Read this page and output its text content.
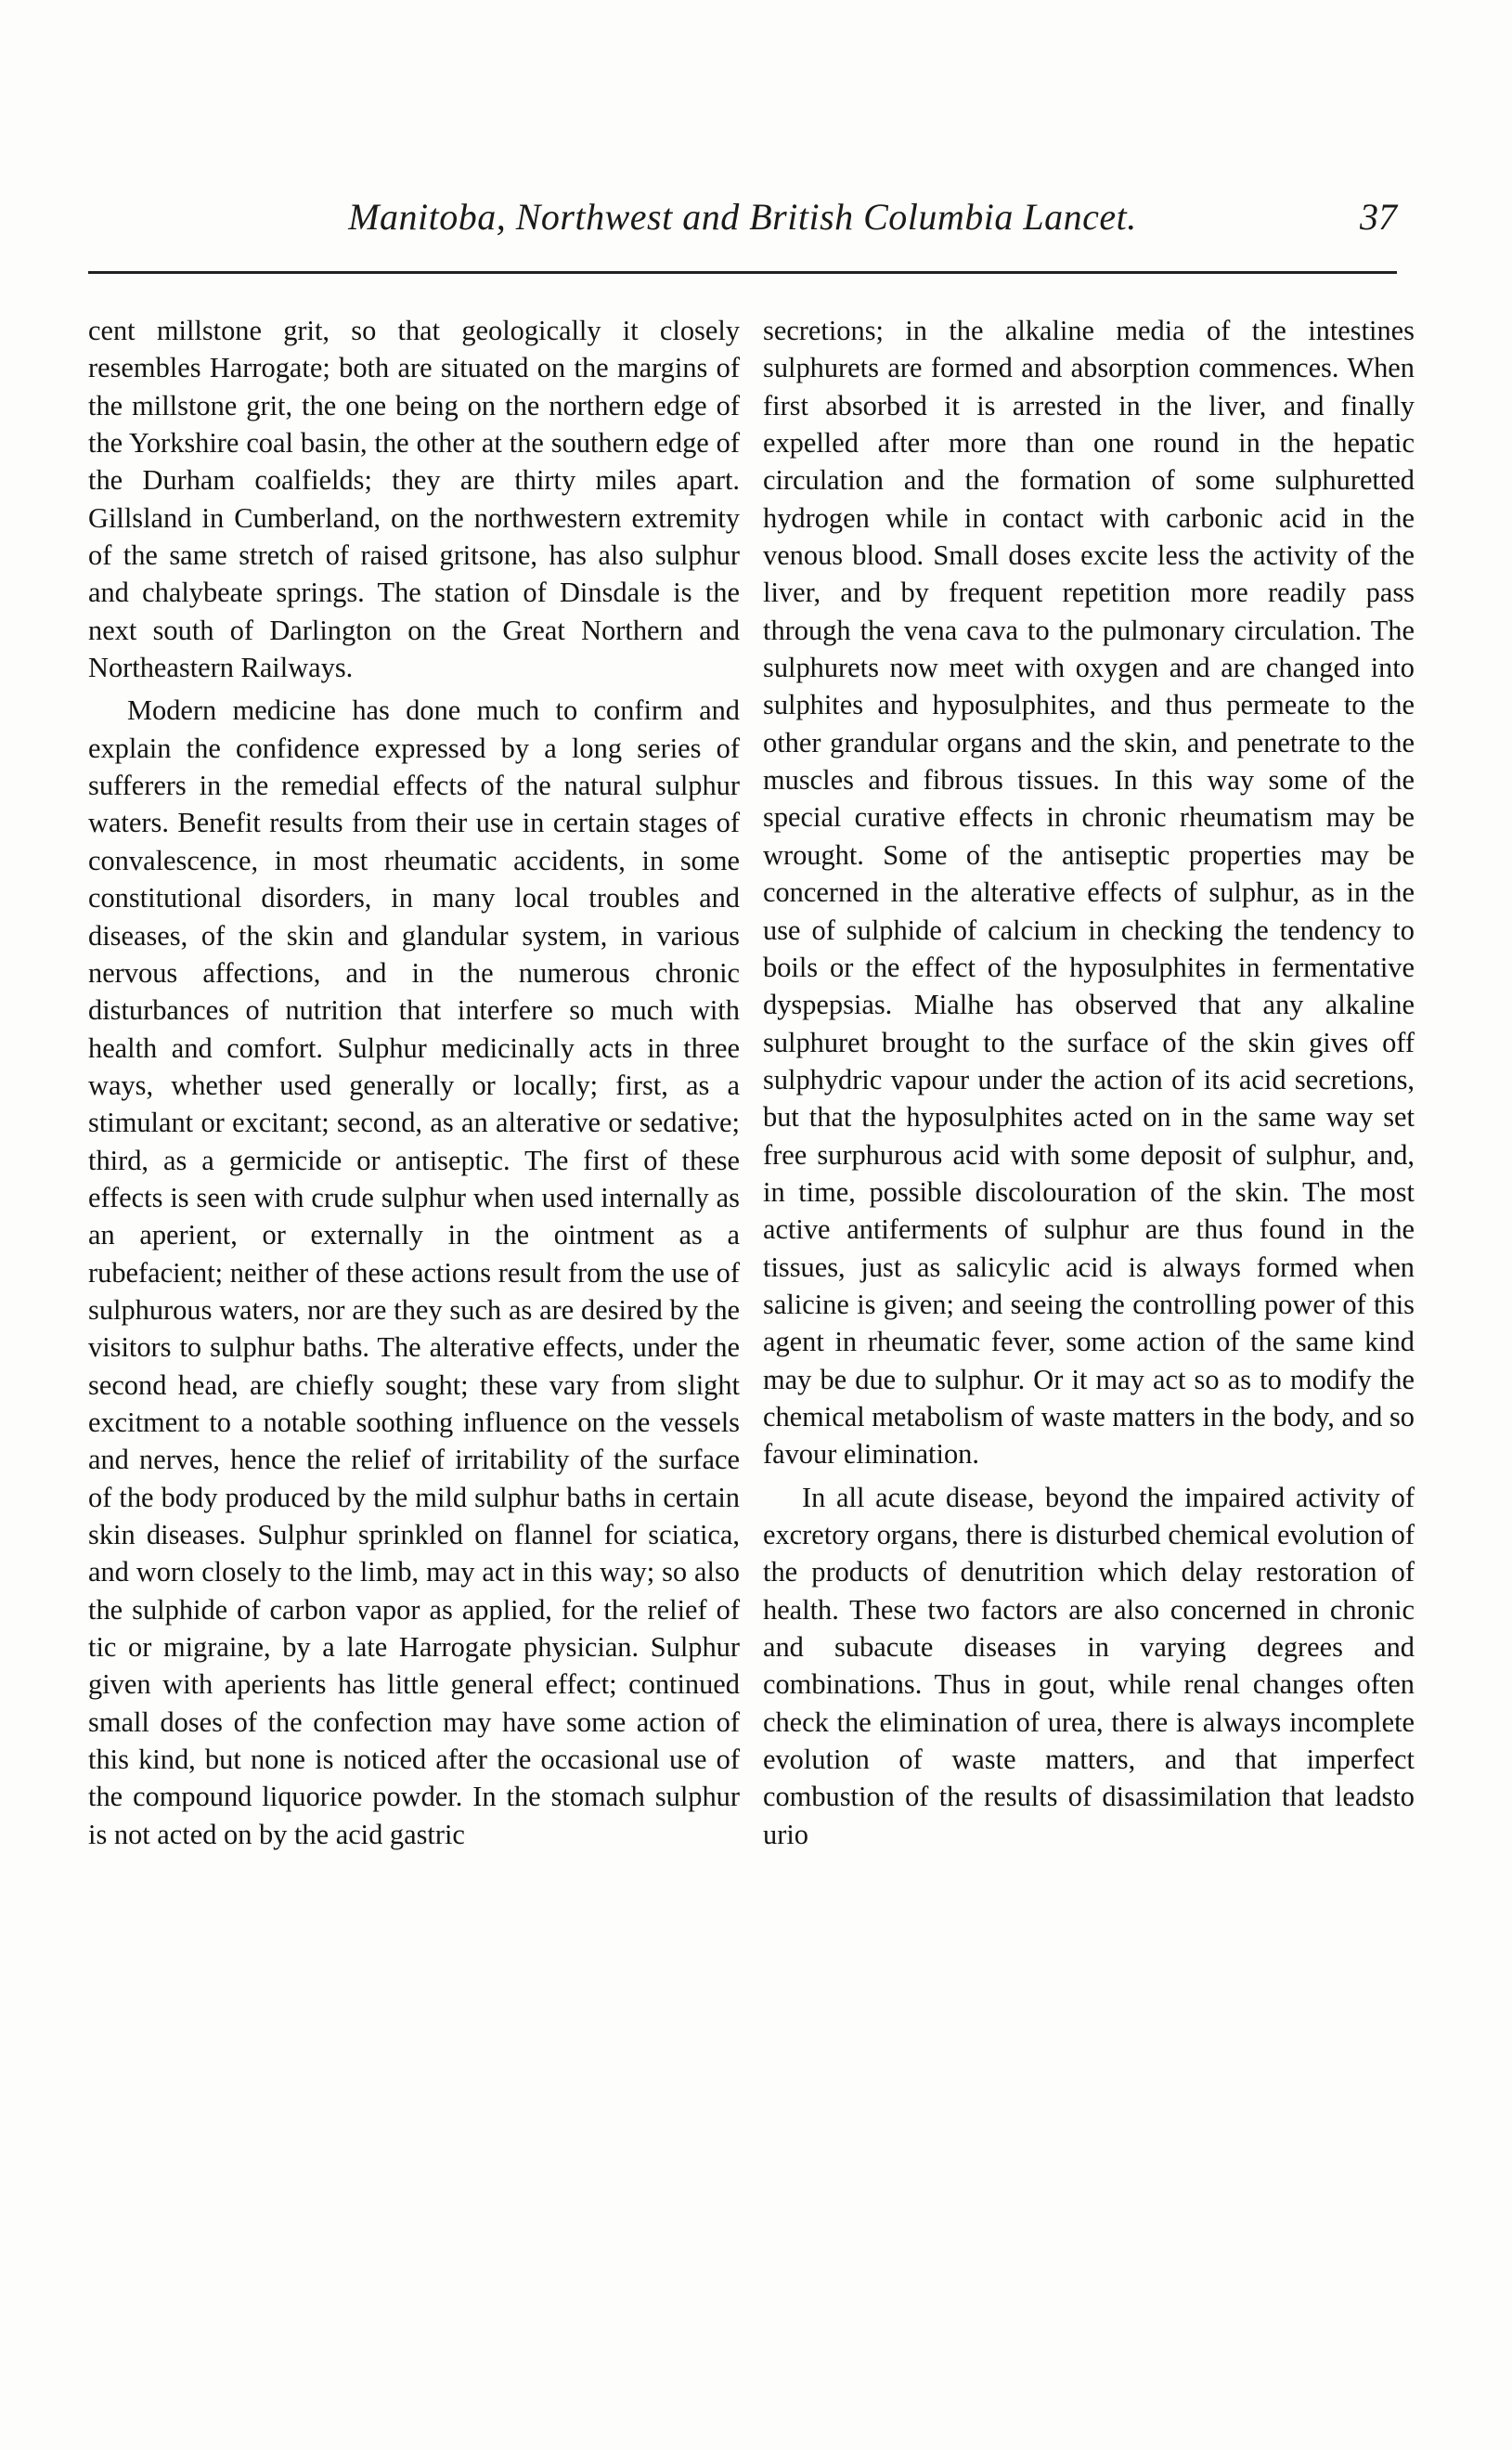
Manitoba, Northwest and British Columbia Lancet.	37

cent millstone grit, so that geologically it closely resembles Harrogate; both are situated on the margins of the millstone grit, the one being on the northern edge of the Yorkshire coal basin, the other at the southern edge of the Durham coalfields; they are thirty miles apart. Gillsland in Cumberland, on the northwestern extremity of the same stretch of raised gritsone, has also sulphur and chalybeate springs. The station of Dinsdale is the next south of Darlington on the Great Northern and Northeastern Railways.

Modern medicine has done much to confirm and explain the confidence expressed by a long series of sufferers in the remedial effects of the natural sulphur waters. Benefit results from their use in certain stages of convalescence, in most rheumatic accidents, in some constitutional disorders, in many local troubles and diseases, of the skin and glandular system, in various nervous affections, and in the numerous chronic disturbances of nutrition that interfere so much with health and comfort. Sulphur medicinally acts in three ways, whether used generally or locally; first, as a stimulant or excitant; second, as an alterative or sedative; third, as a germicide or antiseptic. The first of these effects is seen with crude sulphur when used internally as an aperient, or externally in the ointment as a rubefacient; neither of these actions result from the use of sulphurous waters, nor are they such as are desired by the visitors to sulphur baths. The alterative effects, under the second head, are chiefly sought; these vary from slight excitment to a notable soothing influence on the vessels and nerves, hence the relief of irritability of the surface of the body produced by the mild sulphur baths in certain skin diseases. Sulphur sprinkled on flannel for sciatica, and worn closely to the limb, may act in this way; so also the sulphide of carbon vapor as applied, for the relief of tic or migraine, by a late Harrogate physician. Sulphur given with aperients has little general effect; continued small doses of the confection may have some action of this kind, but none is noticed after the occasional use of the compound liquorice powder. In the stomach sulphur is not acted on by the acid gastric

secretions; in the alkaline media of the intestines sulphurets are formed and absorption commences. When first absorbed it is arrested in the liver, and finally expelled after more than one round in the hepatic circulation and the formation of some sulphuretted hydrogen while in contact with carbonic acid in the venous blood. Small doses excite less the activity of the liver, and by frequent repetition more readily pass through the vena cava to the pulmonary circulation. The sulphurets now meet with oxygen and are changed into sulphites and hyposulphites, and thus permeate to the other grandular organs and the skin, and penetrate to the muscles and fibrous tissues. In this way some of the special curative effects in chronic rheumatism may be wrought. Some of the antiseptic properties may be concerned in the alterative effects of sulphur, as in the use of sulphide of calcium in checking the tendency to boils or the effect of the hyposulphites in fermentative dyspepsias. Mialhe has observed that any alkaline sulphuret brought to the surface of the skin gives off sulphydric vapour under the action of its acid secretions, but that the hyposulphites acted on in the same way set free surphurous acid with some deposit of sulphur, and, in time, possible discolouration of the skin. The most active antiferments of sulphur are thus found in the tissues, just as salicylic acid is always formed when salicine is given; and seeing the controlling power of this agent in rheumatic fever, some action of the same kind may be due to sulphur. Or it may act so as to modify the chemical metabolism of waste matters in the body, and so favour elimination.

In all acute disease, beyond the impaired activity of excretory organs, there is disturbed chemical evolution of the products of denutrition which delay restoration of health. These two factors are also concerned in chronic and subacute diseases in varying degrees and combinations. Thus in gout, while renal changes often check the elimination of urea, there is always incomplete evolution of waste matters, and that imperfect combustion of the results of disassimilation that leadsto urio
